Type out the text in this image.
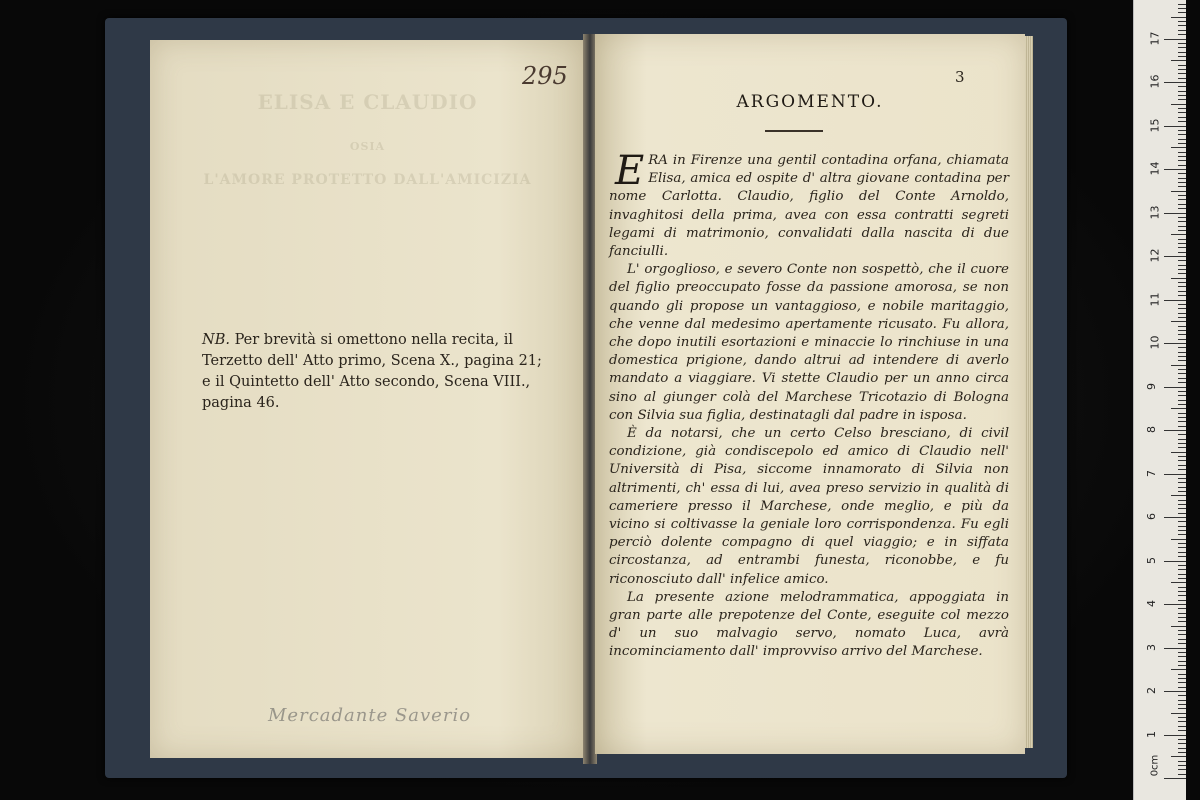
ELISA E CLAUDIO
OSIA
L'AMORE PROTETTO DALL'AMICIZIA
295
NB. Per brevità si omettono nella recita, il
Terzetto dell' Atto primo, Scena X., pagina 21;
e il Quintetto dell' Atto secondo, Scena VIII.,
pagina 46.
Mercadante Saverio
3
ARGOMENTO.

ERA in Firenze una gentil contadina orfana, chiamata Elisa, amica ed ospite d' altra giovane contadina per nome Carlotta. Claudio, figlio del Conte Arnoldo, invaghitosi della prima, avea con essa contratti segreti legami di matrimonio, convalidati dalla nascita di due fanciulli.

L' orgoglioso, e severo Conte non sospettò, che il cuore del figlio preoccupato fosse da passione amorosa, se non quando gli propose un vantaggioso, e nobile maritaggio, che venne dal medesimo apertamente ricusato. Fu allora, che dopo inutili esortazioni e minaccie lo rinchiuse in una domestica prigione, dando altrui ad intendere di averlo mandato a viaggiare. Vi stette Claudio per un anno circa sino al giunger colà del Marchese Tricotazio di Bologna con Silvia sua figlia, destinatagli dal padre in isposa.

È da notarsi, che un certo Celso bresciano, di civil condizione, già condiscepolo ed amico di Claudio nell' Università di Pisa, siccome innamorato di Silvia non altrimenti, ch' essa di lui, avea preso servizio in qualità di cameriere presso il Marchese, onde meglio, e più da vicino si coltivasse la geniale loro corrispondenza. Fu egli perciò dolente compagno di quel viaggio; e in siffata circostanza, ad entrambi funesta, riconobbe, e fu riconosciuto dall' infelice amico.

La presente azione melodrammatica, appoggiata in gran parte alle prepotenze del Conte, eseguite col mezzo d' un suo malvagio servo, nomato Luca, avrà incominciamento dall' improvviso arrivo del Marchese.

0cm
1
2
3
4
5
6
7
8
9
10
11
12
13
14
15
16
17
